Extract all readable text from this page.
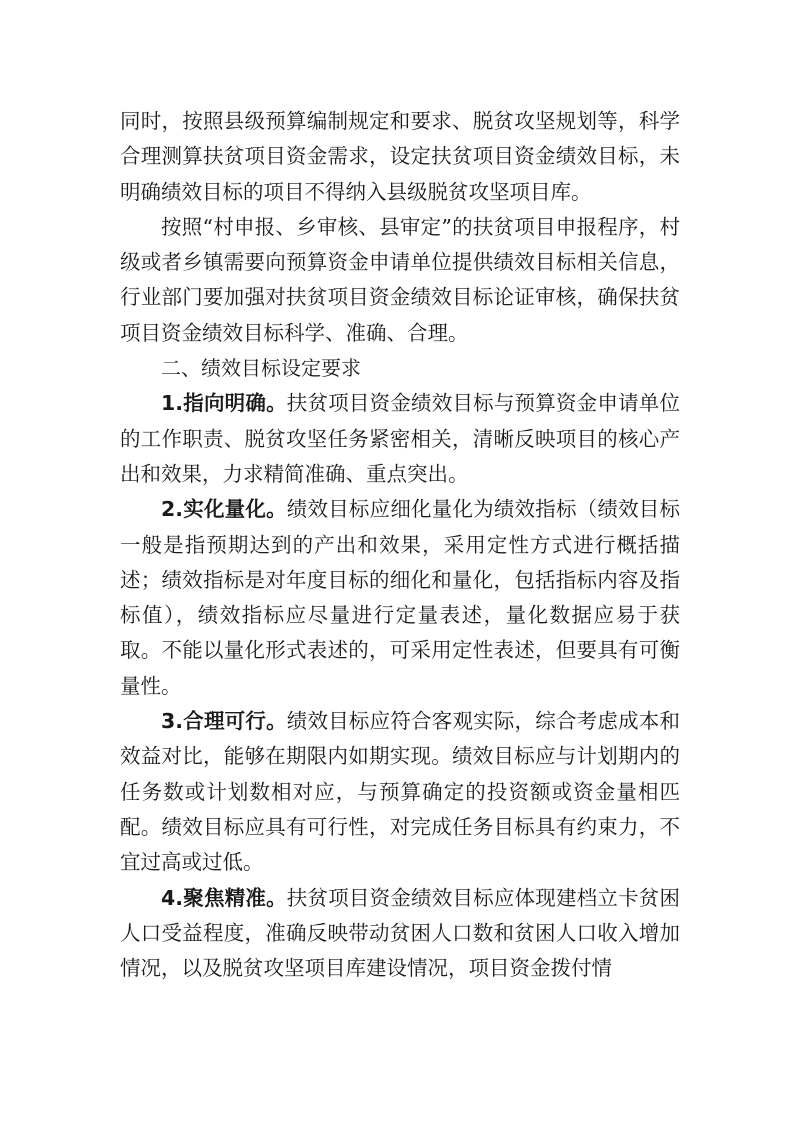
同时，按照县级预算编制规定和要求、脱贫攻坚规划等，科学合理测算扶贫项目资金需求，设定扶贫项目资金绩效目标，未明确绩效目标的项目不得纳入县级脱贫攻坚项目库。

按照“村申报、乡审核、县审定”的扶贫项目申报程序，村级或者乡镇需要向预算资金申请单位提供绩效目标相关信息，行业部门要加强对扶贫项目资金绩效目标论证审核，确保扶贫项目资金绩效目标科学、准确、合理。

二、绩效目标设定要求

1.指向明确。扶贫项目资金绩效目标与预算资金申请单位的工作职责、脱贫攻坚任务紧密相关，清晰反映项目的核心产出和效果，力求精简准确、重点突出。

2.实化量化。绩效目标应细化量化为绩效指标（绩效目标一般是指预期达到的产出和效果，采用定性方式进行概括描述；绩效指标是对年度目标的细化和量化，包括指标内容及指标值），绩效指标应尽量进行定量表述，量化数据应易于获取。不能以量化形式表述的，可采用定性表述，但要具有可衡量性。

3.合理可行。绩效目标应符合客观实际，综合考虑成本和效益对比，能够在期限内如期实现。绩效目标应与计划期内的任务数或计划数相对应，与预算确定的投资额或资金量相匹配。绩效目标应具有可行性，对完成任务目标具有约束力，不宜过高或过低。

4.聚焦精准。扶贫项目资金绩效目标应体现建档立卡贫困人口受益程度，准确反映带动贫困人口数和贫困人口收入增加情况，以及脱贫攻坚项目库建设情况，项目资金拨付情
